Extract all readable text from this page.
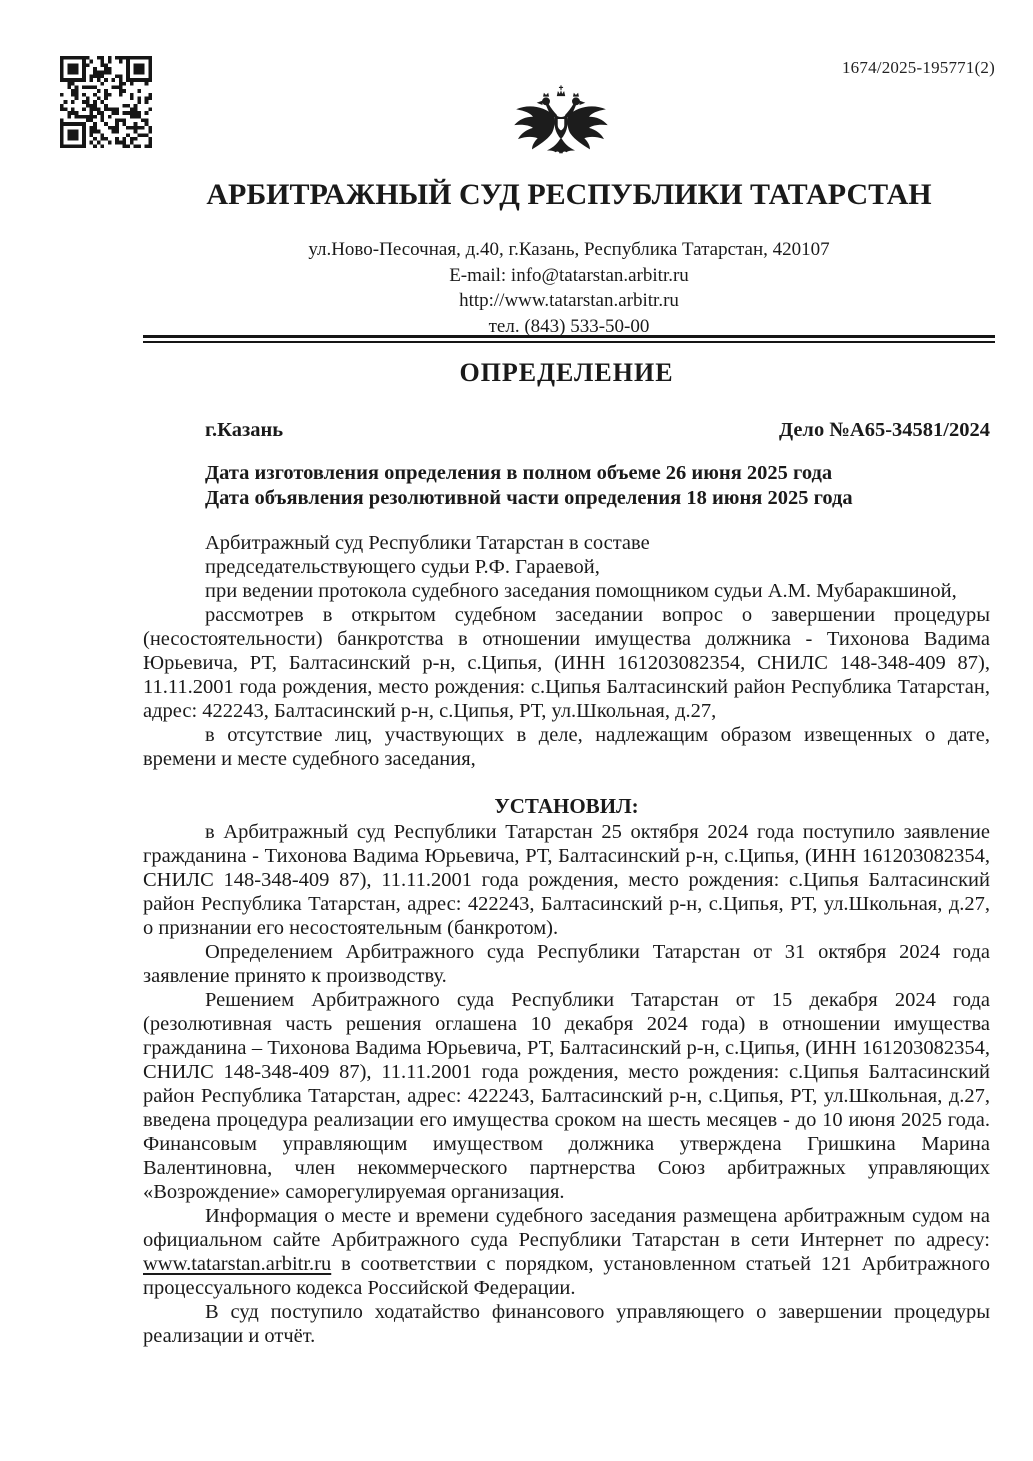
1674/2025-195771(2)
АРБИТРАЖНЫЙ СУД РЕСПУБЛИКИ ТАТАРСТАН
ул.Ново-Песочная, д.40, г.Казань, Республика Татарстан, 420107
E-mail: info@tatarstan.arbitr.ru
http://www.tatarstan.arbitr.ru
тел. (843) 533-50-00
ОПРЕДЕЛЕНИЕ
г.Казань	Дело №А65-34581/2024
Дата изготовления определения в полном объеме 26 июня 2025 года
Дата объявления резолютивной части определения 18 июня 2025 года

Арбитражный суд Республики Татарстан в составе

председательствующего судьи Р.Ф. Гараевой,

при ведении протокола судебного заседания помощником судьи А.М. Мубаракшиной,

рассмотрев в открытом судебном заседании вопрос о завершении процедуры (несостоятельности) банкротства в отношении имущества должника - Тихонова Вадима Юрьевича, РТ, Балтасинский р-н, с.Ципья, (ИНН 161203082354, СНИЛС 148-348-409 87), 11.11.2001 года рождения, место рождения: с.Ципья Балтасинский район Республика Татарстан, адрес: 422243, Балтасинский р-н, с.Ципья, РТ, ул.Школьная, д.27,

в отсутствие лиц, участвующих в деле, надлежащим образом извещенных о дате, времени и месте судебного заседания,

УСТАНОВИЛ:

в Арбитражный суд Республики Татарстан 25 октября 2024 года поступило заявление гражданина - Тихонова Вадима Юрьевича, РТ, Балтасинский р-н, с.Ципья, (ИНН 161203082354, СНИЛС 148-348-409 87), 11.11.2001 года рождения, место рождения: с.Ципья Балтасинский район Республика Татарстан, адрес: 422243, Балтасинский р-н, с.Ципья, РТ, ул.Школьная, д.27, о признании его несостоятельным (банкротом).

Определением Арбитражного суда Республики Татарстан от 31 октября 2024 года заявление принято к производству.

Решением Арбитражного суда Республики Татарстан от 15 декабря 2024 года (резолютивная часть решения оглашена 10 декабря 2024 года) в отношении имущества гражданина – Тихонова Вадима Юрьевича, РТ, Балтасинский р-н, с.Ципья, (ИНН 161203082354, СНИЛС 148-348-409 87), 11.11.2001 года рождения, место рождения: с.Ципья Балтасинский район Республика Татарстан, адрес: 422243, Балтасинский р-н, с.Ципья, РТ, ул.Школьная, д.27, введена процедура реализации его имущества сроком на шесть месяцев - до 10 июня 2025 года. Финансовым управляющим имуществом должника утверждена Гришкина Марина Валентиновна, член некоммерческого партнерства Союз арбитражных управляющих «Возрождение» саморегулируемая организация.

Информация о месте и времени судебного заседания размещена арбитражным судом на официальном сайте Арбитражного суда Республики Татарстан в сети Интернет по адресу: www.tatarstan.arbitr.ru в соответствии с порядком, установленном статьей 121 Арбитражного процессуального кодекса Российской Федерации.

В суд поступило ходатайство финансового управляющего о завершении процедуры реализации и отчёт.
